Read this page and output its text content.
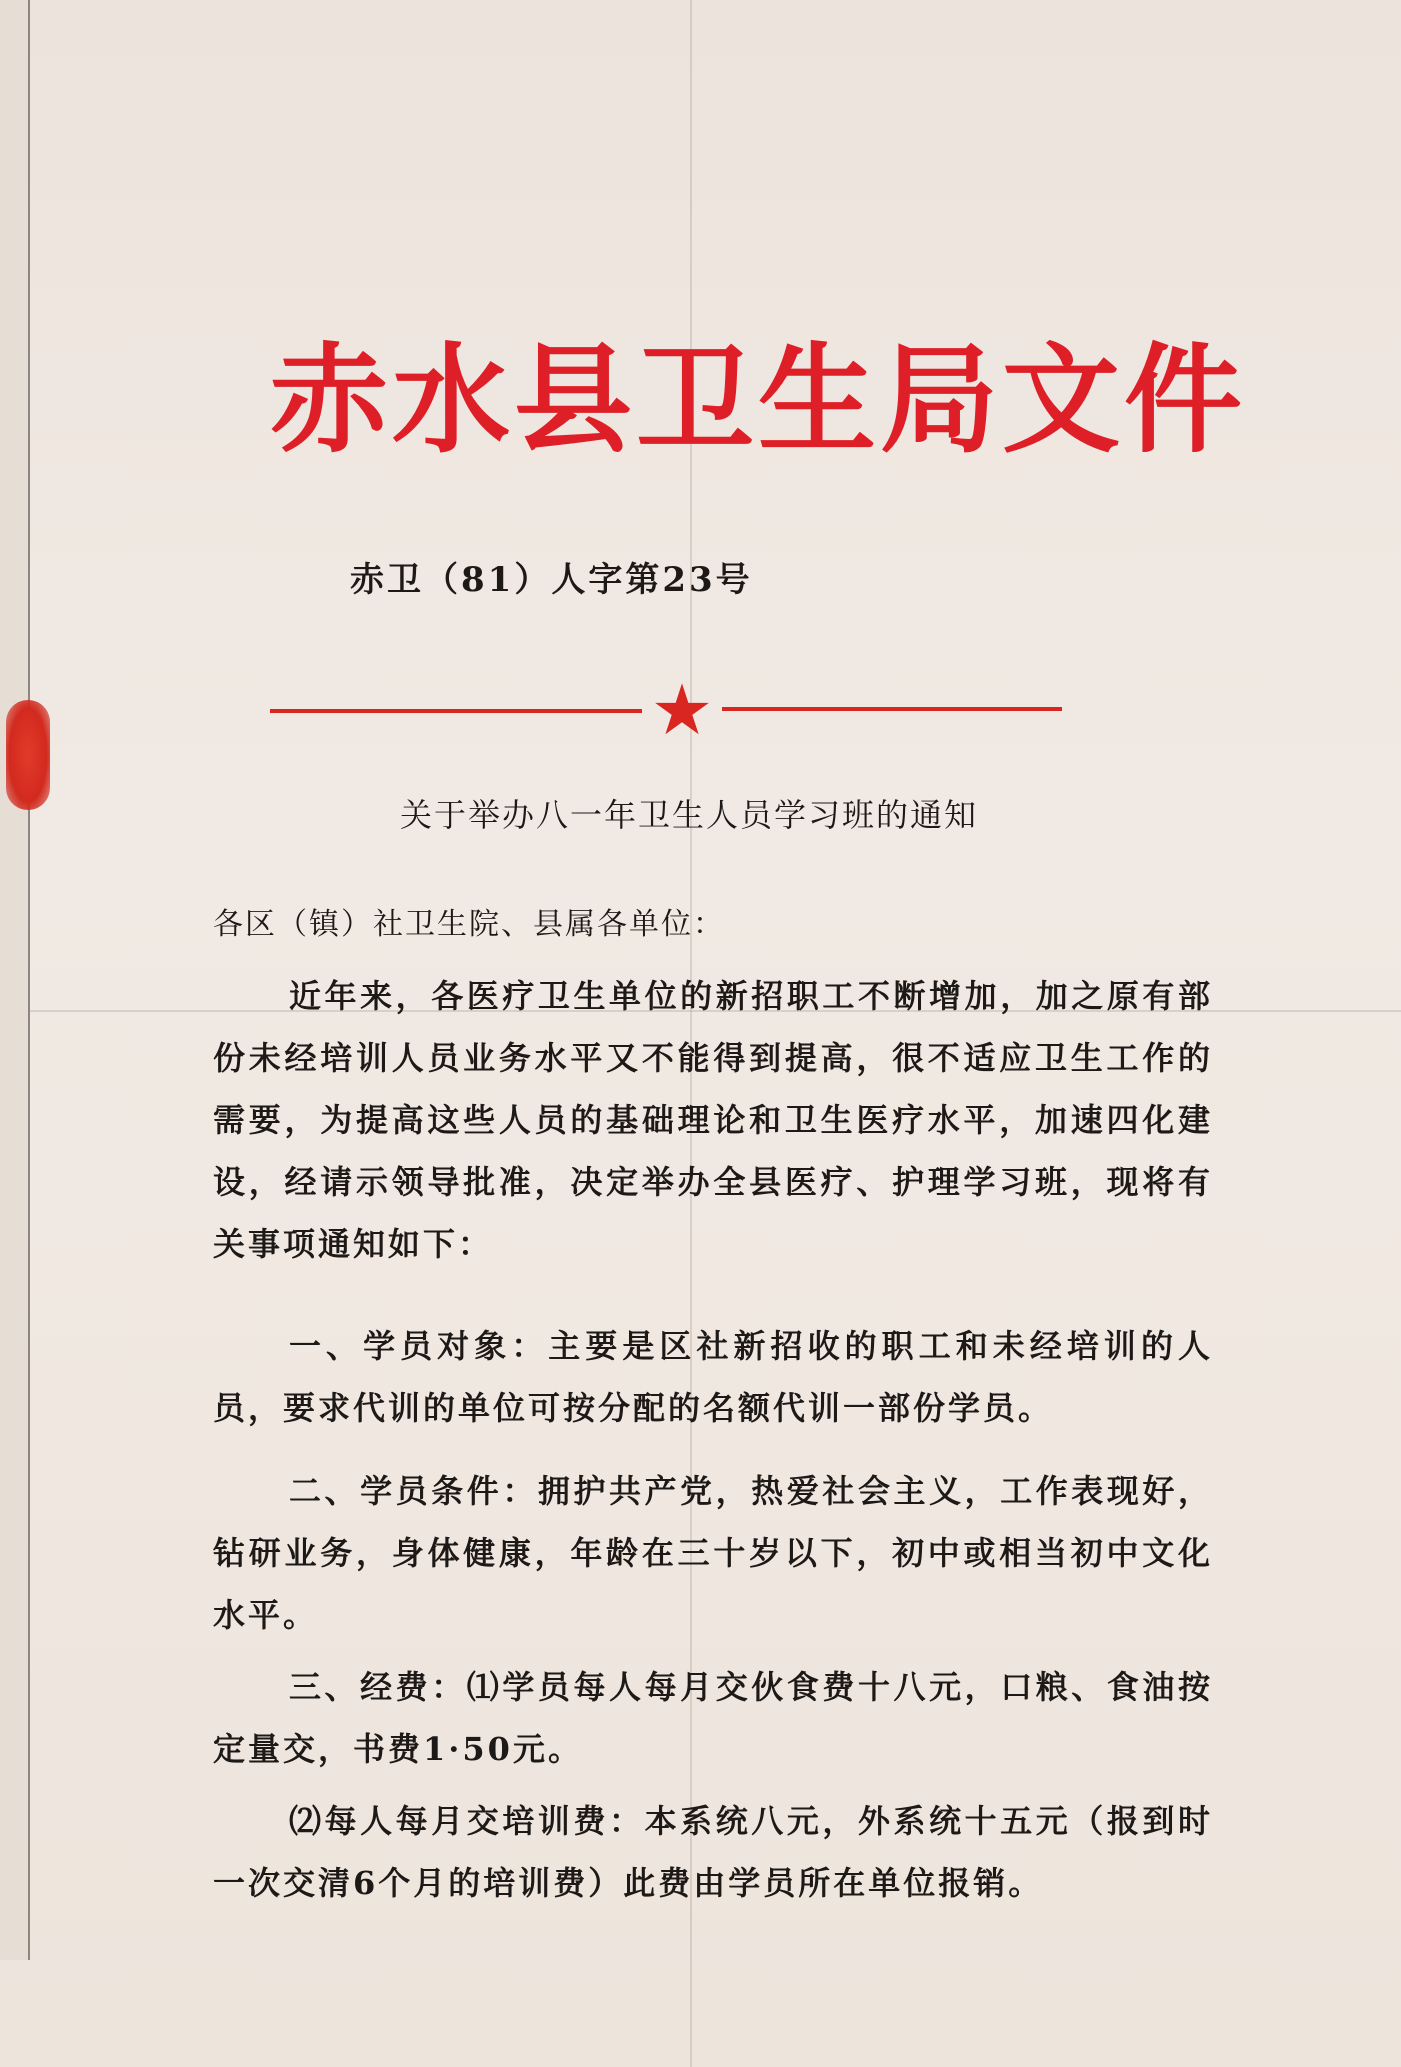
赤水县卫生局文件
赤卫（81）人字第23号
★
关于举办八一年卫生人员学习班的通知
各区（镇）社卫生院、县属各单位：
近年来，各医疗卫生单位的新招职工不断增加，加之原有部份未经培训人员业务水平又不能得到提高，很不适应卫生工作的需要，为提高这些人员的基础理论和卫生医疗水平，加速四化建设，经请示领导批准，决定举办全县医疗、护理学习班，现将有关事项通知如下：
一、学员对象：主要是区社新招收的职工和未经培训的人员，要求代训的单位可按分配的名额代训一部份学员。
二、学员条件：拥护共产党，热爱社会主义，工作表现好，钻研业务，身体健康，年龄在三十岁以下，初中或相当初中文化水平。
三、经费：⑴学员每人每月交伙食费十八元，口粮、食油按定量交，书费1·50元。
⑵每人每月交培训费：本系统八元，外系统十五元（报到时一次交清6个月的培训费）此费由学员所在单位报销。
